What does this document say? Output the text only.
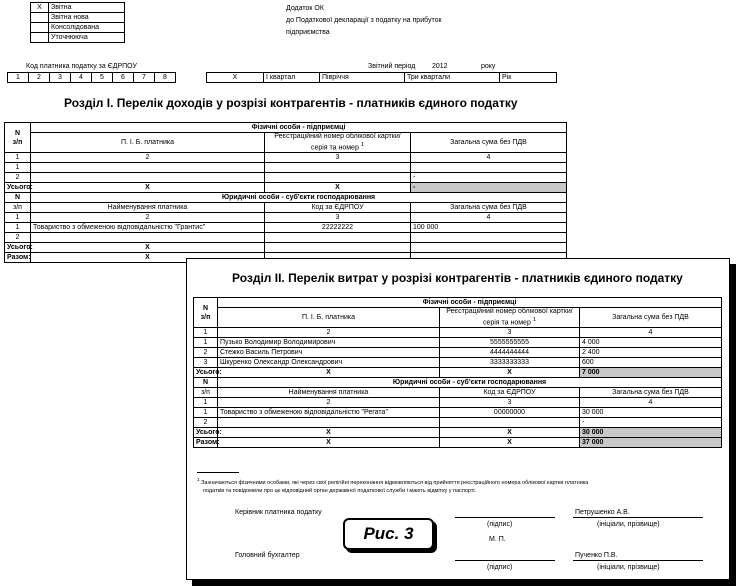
X	Звітна
	Звітна нова
	Консолідована
	Уточнююча
Додаток ОК
до Податкової декларації з податку на прибуток
підприємства
Код платника податку за ЄДРПОУ
1	2	3	4	5	6	7	8
Звітний період 2012	року
X	І квартал	Півріччя	Три квартали	Рік
Розділ І. Перелік доходів у розрізі контрагентів - платників єдиного податку
N
з/п	Фізичні особи - підприємці		
	П. І. Б. платника	Реєстраційний номер облікової картки/серія та номер $^1$	Загальна сума без ПДВ
1	2	3	4
1			
2			-
Усього:	X	X	-
N	Юридичні особи - суб'єкти господарювання		
з/п	Найменування платника	Код за ЄДРПОУ	Загальна сума без ПДВ
1	2	3	4
1	Товариство з обмеженою відповідальністю "Грантис"	22222222	100 000
2			
Усього:	X		
Разом:	X		
Розділ ІІ. Перелік витрат у розрізі контрагентів - платників єдиного податку
N
з/п	Фізичні особи - підприємці		
	П. І. Б. платника	Реєстраційний номер облікової картки/серія та номер $^1$	Загальна сума без ПДВ
1	2	3	4
1	Пузько Володимир Володимирович	5555555555	4 000
2	Стежко Василь Петрович	4444444444	2 400
3	Шкуренко Олександр Олександрович	3333333333	600
Усього:	X	X	7 000
N	Юридичні особи - суб'єкти господарювання		
з/п	Найменування платника	Код за ЄДРПОУ	Загальна сума без ПДВ
1	2	3	4
1	Товариство з обмеженою відповідальністю "Регата"	00000000	30 000
2			-
Усього:	X	X	30 000
Разом:	X	X	37 000
$^1$ Зазначаються фізичними особами, які через свої релігійні переконання відмовляються від прийняття реєстраційного номера облікової картки платника
податків та повідомили про це відповідний орган державної податкової служби і мають відмітку у паспорті.
Керівник платника податку	Петрушенко А.В.
(підпис)	(ініціали, прізвище)
М. П.
Головний бухгалтер	Пученко П.В.
(підпис)	(ініціали, прізвище)
Рис. 3
